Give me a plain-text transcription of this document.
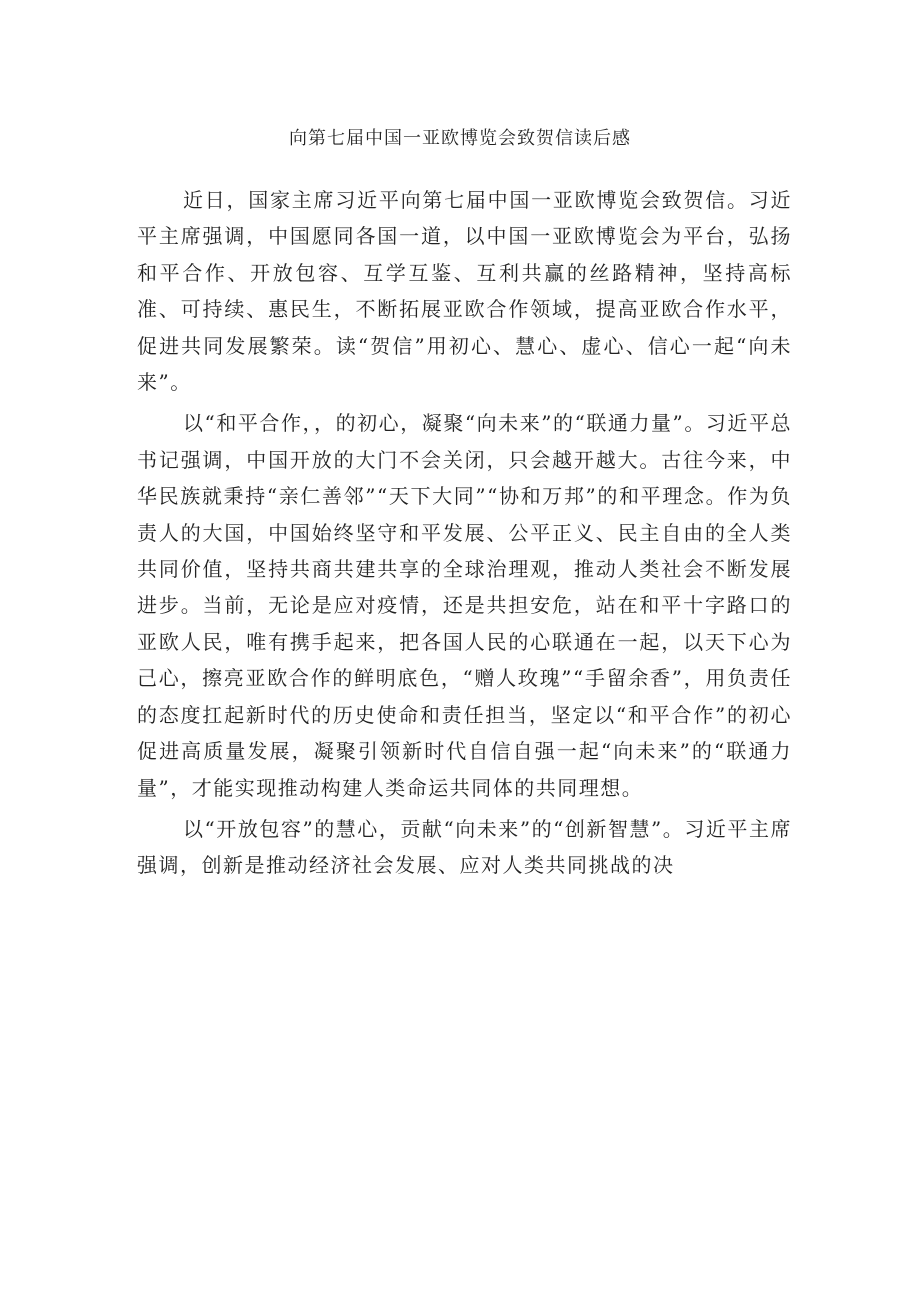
向第七届中国一亚欧博览会致贺信读后感

近日，国家主席习近平向第七届中国一亚欧博览会致贺信。习近平主席强调，中国愿同各国一道，以中国一亚欧博览会为平台，弘扬和平合作、开放包容、互学互鉴、互利共赢的丝路精神，坚持高标准、可持续、惠民生，不断拓展亚欧合作领域，提高亚欧合作水平，促进共同发展繁荣。读“贺信”用初心、慧心、虚心、信心一起“向未来”。

以“和平合作，，的初心，凝聚“向未来”的“联通力量”。习近平总书记强调，中国开放的大门不会关闭，只会越开越大。古往今来，中华民族就秉持“亲仁善邻”“天下大同”“协和万邦”的和平理念。作为负责人的大国，中国始终坚守和平发展、公平正义、民主自由的全人类共同价值，坚持共商共建共享的全球治理观，推动人类社会不断发展进步。当前，无论是应对疫情，还是共担安危，站在和平十字路口的亚欧人民，唯有携手起来，把各国人民的心联通在一起，以天下心为己心，擦亮亚欧合作的鲜明底色，“赠人玫瑰”“手留余香”，用负责任的态度扛起新时代的历史使命和责任担当，坚定以“和平合作”的初心促进高质量发展，凝聚引领新时代自信自强一起“向未来”的“联通力量”，才能实现推动构建人类命运共同体的共同理想。

以“开放包容”的慧心，贡献“向未来”的“创新智慧”。习近平主席强调，创新是推动经济社会发展、应对人类共同挑战的决
